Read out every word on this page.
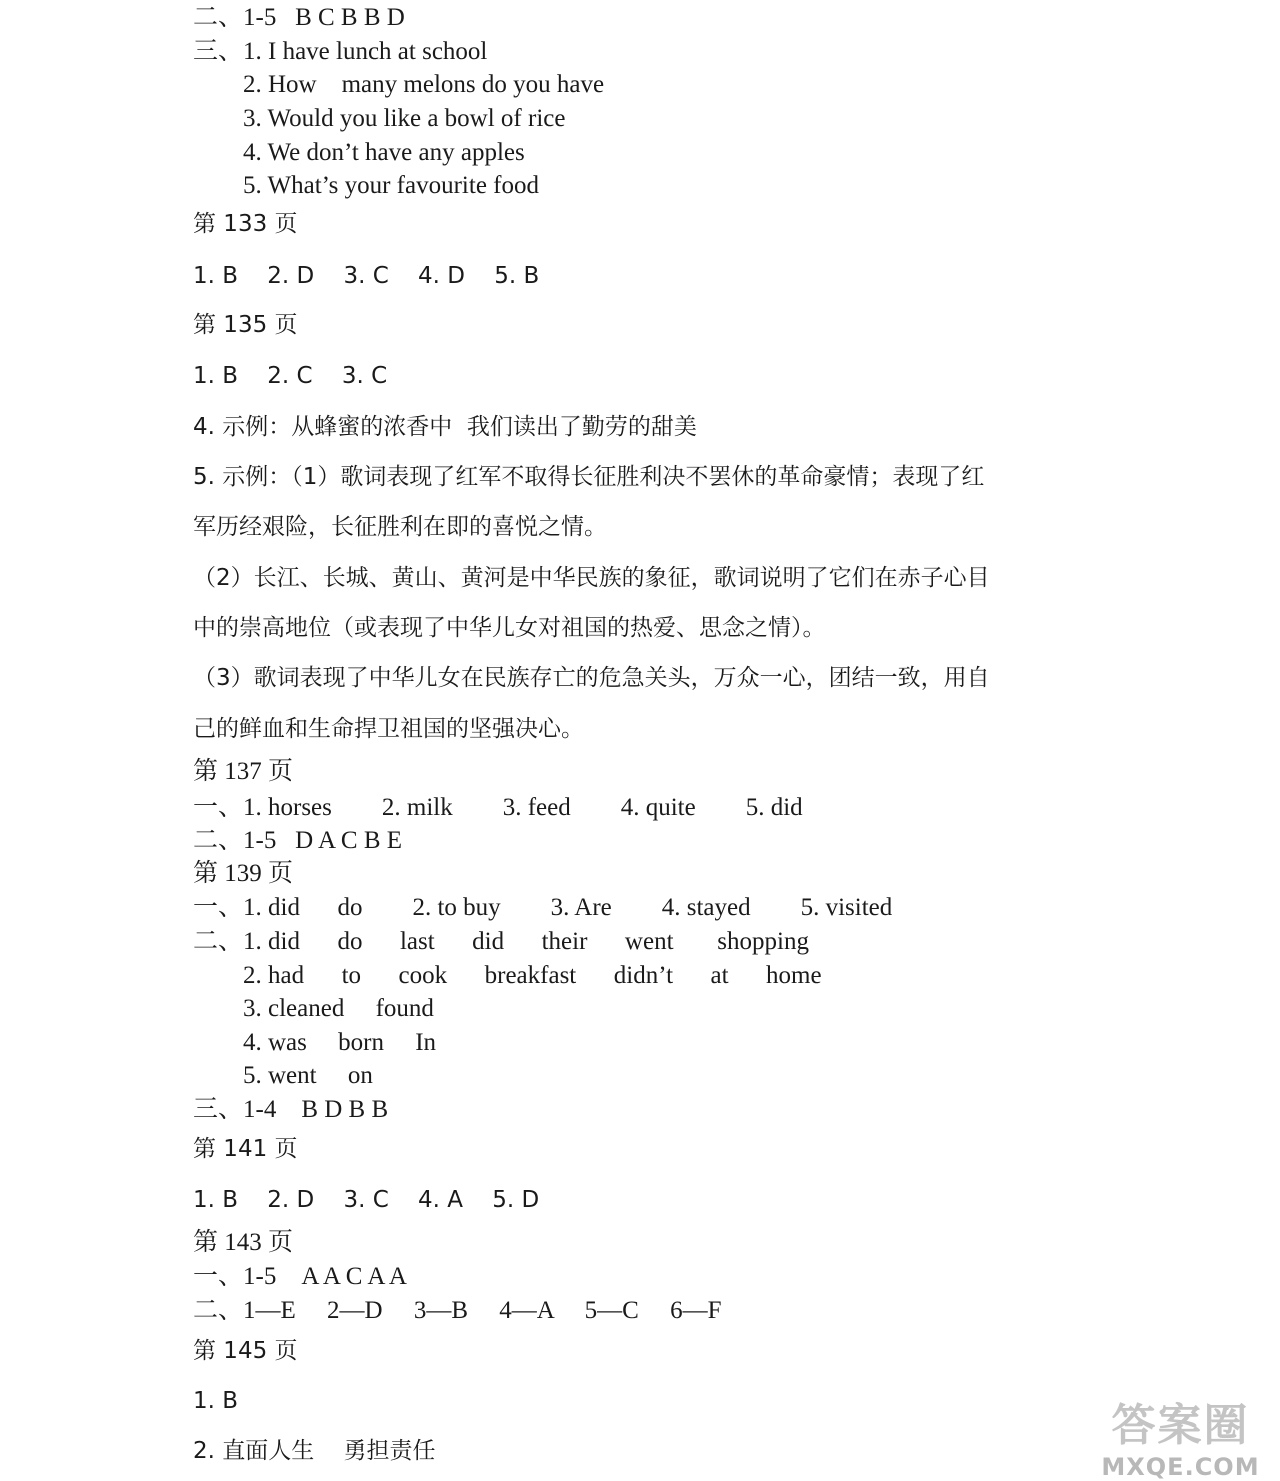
二、1-5   B C B B D
三、1. I have lunch at school
2. How    many melons do you have
3. Would you like a bowl of rice
4. We don’t have any apples
5. What’s your favourite food
第 133 页
1. B    2. D    3. C    4. D    5. B
第 135 页
1. B    2. C    3. C
4. 示例：从蜂蜜的浓香中  我们读出了勤劳的甜美
5. 示例：（1）歌词表现了红军不取得长征胜利决不罢休的革命豪情；表现了红
军历经艰险，长征胜利在即的喜悦之情。
（2）长江、长城、黄山、黄河是中华民族的象征，歌词说明了它们在赤子心目
中的崇高地位（或表现了中华儿女对祖国的热爱、思念之情）。
（3）歌词表现了中华儿女在民族存亡的危急关头，万众一心，团结一致，用自
己的鲜血和生命捍卫祖国的坚强决心。
第 137 页
一、1. horses        2. milk        3. feed        4. quite        5. did
二、1-5   D A C B E
第 139 页
一、1. did      do        2. to buy        3. Are        4. stayed        5. visited
二、1. did      do      last      did      their      went       shopping
2. had      to      cook      breakfast      didn’t      at      home
3. cleaned     found
4. was     born     In
5. went     on
三、1-4    B D B B
第 141 页
1. B    2. D    3. C    4. A    5. D
第 143 页
一、1-5    A A C A A
二、1—E     2—D     3—B     4—A     5—C     6—F
第 145 页
1. B
2. 直面人生    勇担责任	答案圈
MXQE.COM
